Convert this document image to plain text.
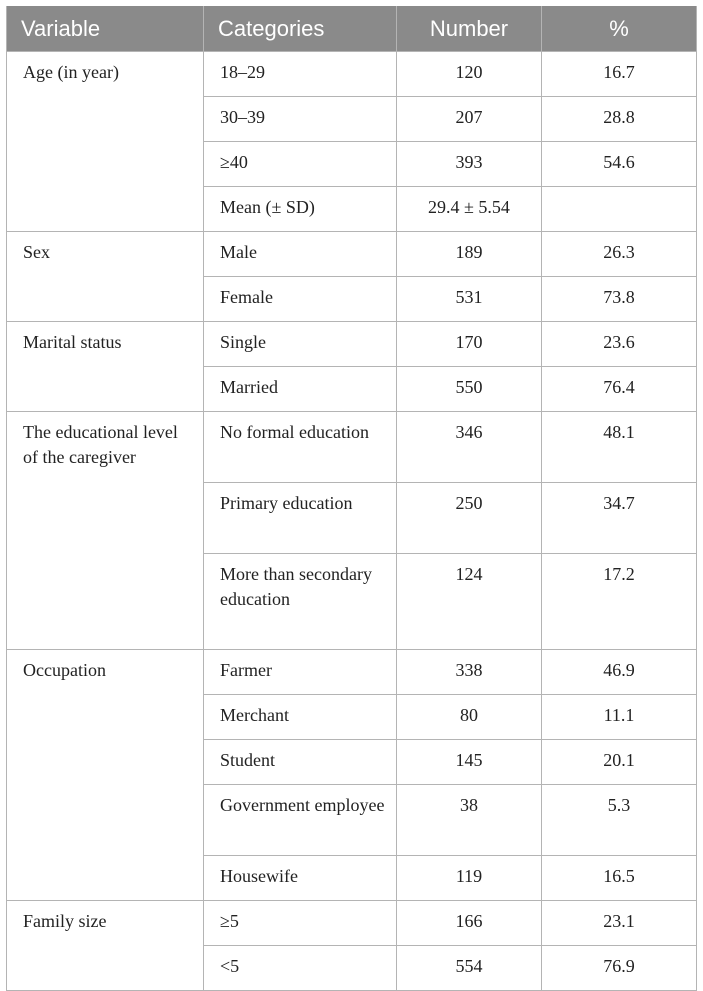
Variable	Categories	Number	%
Age (in year)	18–29	120	16.7
	30–39	207	28.8
	≥40	393	54.6
	Mean (± SD)	29.4 ± 5.54	
Sex	Male	189	26.3
	Female	531	73.8
Marital status	Single	170	23.6
	Married	550	76.4
The educational level of the caregiver	No formal education	346	48.1
	Primary education	250	34.7
	More than secondary education	124	17.2
Occupation	Farmer	338	46.9
	Merchant	80	11.1
	Student	145	20.1
	Government employee	38	5.3
	Housewife	119	16.5
Family size	≥5	166	23.1
	<5	554	76.9
